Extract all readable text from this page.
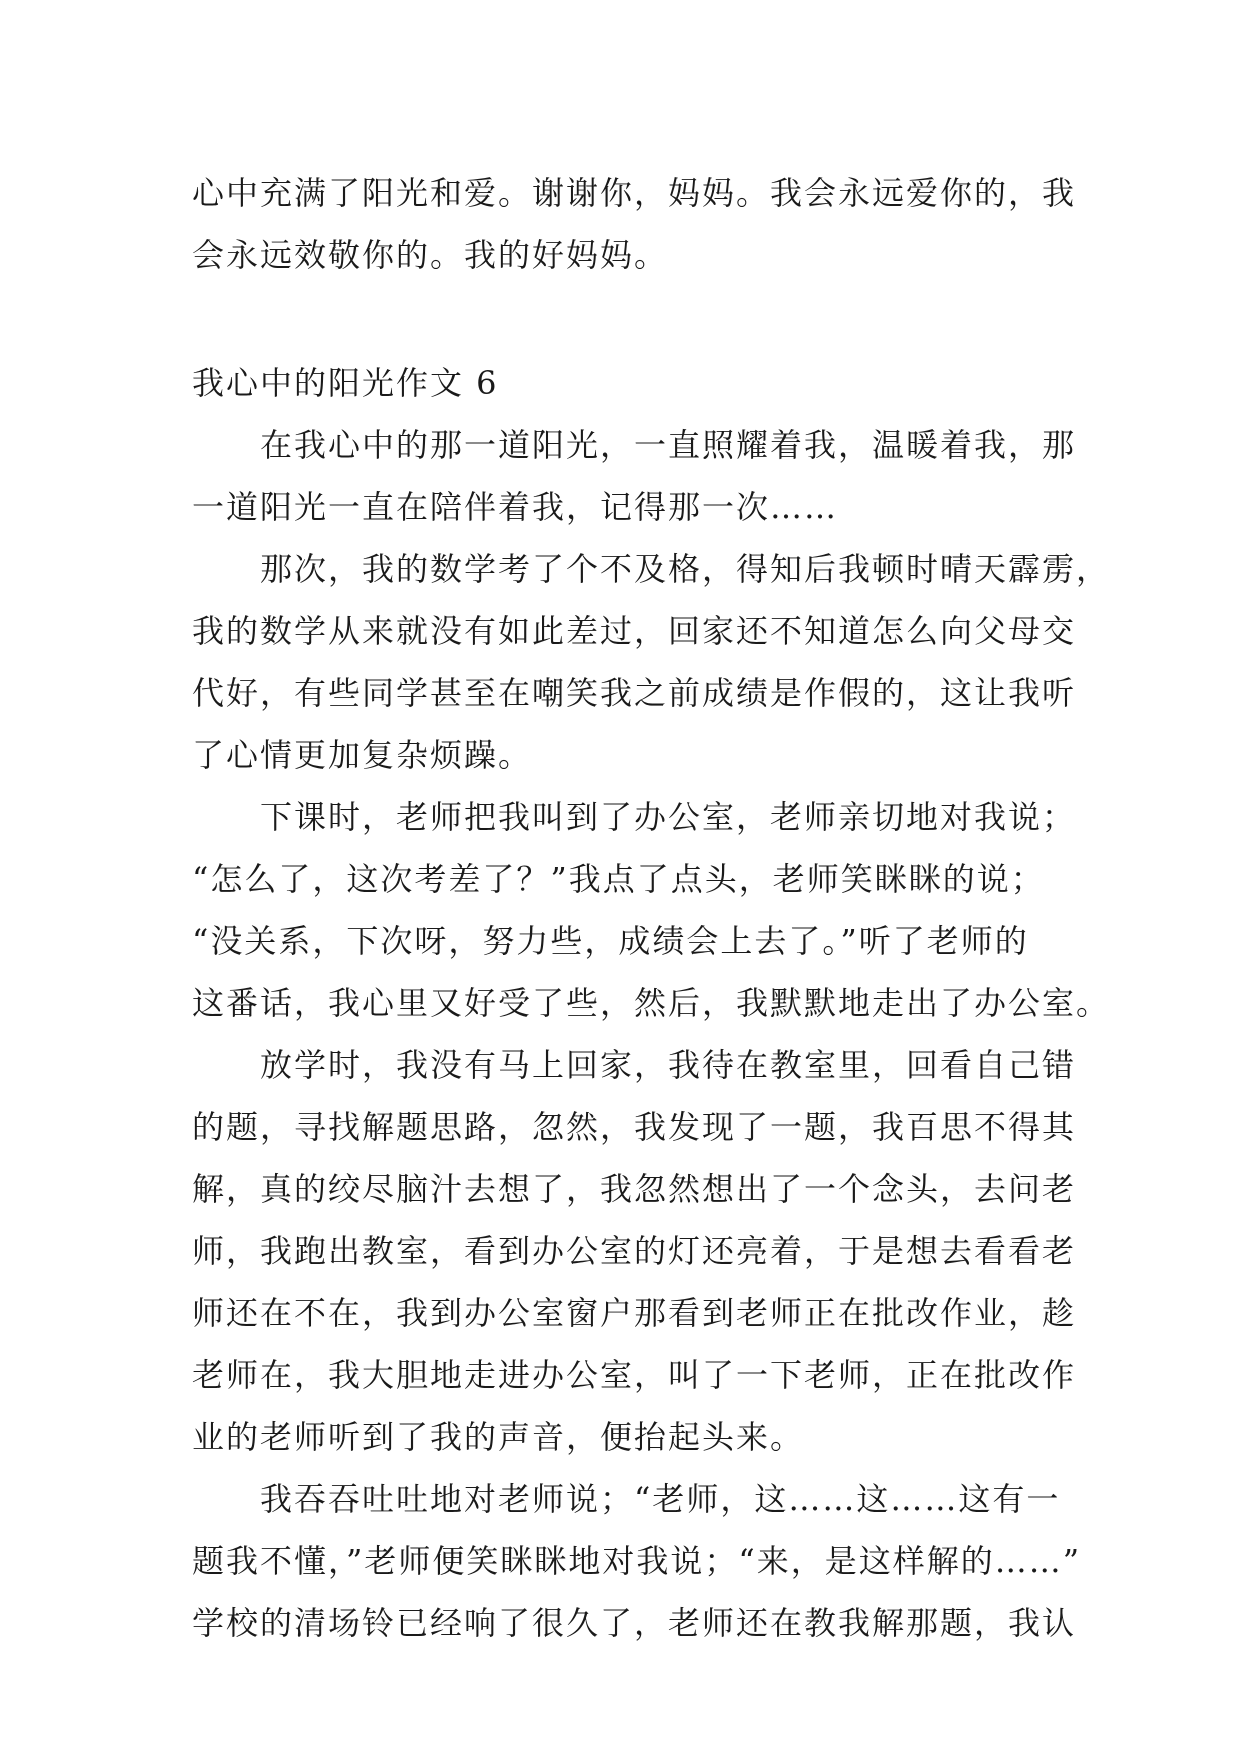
心中充满了阳光和爱。谢谢你，妈妈。我会永远爱你的，我
会永远效敬你的。我的好妈妈。
我心中的阳光作文 6
　　在我心中的那一道阳光，一直照耀着我，温暖着我，那
一道阳光一直在陪伴着我，记得那一次……
　　那次，我的数学考了个不及格，得知后我顿时晴天霹雳，
我的数学从来就没有如此差过，回家还不知道怎么向父母交
代好，有些同学甚至在嘲笑我之前成绩是作假的，这让我听
了心情更加复杂烦躁。
　　下课时，老师把我叫到了办公室，老师亲切地对我说；
“怎么了，这次考差了？”我点了点头，老师笑眯眯的说；
“没关系，下次呀，努力些，成绩会上去了。”听了老师的
这番话，我心里又好受了些，然后，我默默地走出了办公室。
　　放学时，我没有马上回家，我待在教室里，回看自己错
的题，寻找解题思路，忽然，我发现了一题，我百思不得其
解，真的绞尽脑汁去想了，我忽然想出了一个念头，去问老
师，我跑出教室，看到办公室的灯还亮着，于是想去看看老
师还在不在，我到办公室窗户那看到老师正在批改作业，趁
老师在，我大胆地走进办公室，叫了一下老师，正在批改作
业的老师听到了我的声音，便抬起头来。
　　我吞吞吐吐地对老师说；“老师，这……这……这有一
题我不懂，”老师便笑眯眯地对我说；“来，是这样解的……”
学校的清场铃已经响了很久了，老师还在教我解那题，我认
